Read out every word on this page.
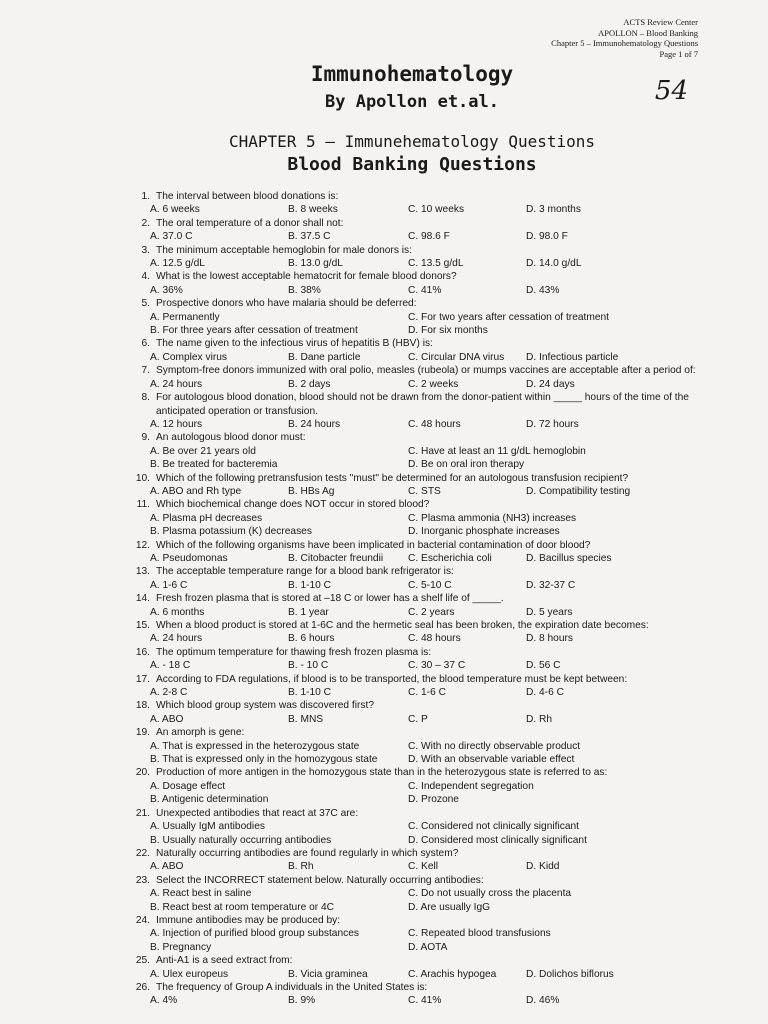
ACTS Review Center
APOLLON – Blood Banking
Chapter 5 – Immunohematology Questions
Page 1 of 7
54
Immunohematology
By Apollon et.al.
CHAPTER 5 – Immunehematology Questions
Blood Banking Questions
1. The interval between blood donations is:
A. 6 weeks	B. 8 weeks	C. 10 weeks	D. 3 months
2. The oral temperature of a donor shall not:
A. 37.0 C	B. 37.5 C	C. 98.6 F	D. 98.0 F
3. The minimum acceptable hemoglobin for male donors is:
A. 12.5 g/dL	B. 13.0 g/dL	C. 13.5 g/dL	D. 14.0 g/dL
4. What is the lowest acceptable hematocrit for female blood donors?
A. 36%	B. 38%	C. 41%	D. 43%
5. Prospective donors who have malaria should be deferred:
A. Permanently	C. For two years after cessation of treatment
B. For three years after cessation of treatment	D. For six months
6. The name given to the infectious virus of hepatitis B (HBV) is:
A. Complex virus	B. Dane particle	C. Circular DNA virus	D. Infectious particle
7. Symptom-free donors immunized with oral polio, measles (rubeola) or mumps vaccines are acceptable after a period of:
A. 24 hours	B. 2 days	C. 2 weeks	D. 24 days
8. For autologous blood donation, blood should not be drawn from the donor-patient within _____ hours of the time of the anticipated operation or transfusion.
A. 12 hours	B. 24 hours	C. 48 hours	D. 72 hours
9. An autologous blood donor must:
A. Be over 21 years old	C. Have at least an 11 g/dL hemoglobin
B. Be treated for bacteremia	D. Be on oral iron therapy
10. Which of the following pretransfusion tests "must" be determined for an autologous transfusion recipient?
A. ABO and Rh type	B. HBs Ag	C. STS	D. Compatibility testing
11. Which biochemical change does NOT occur in stored blood?
A. Plasma pH decreases	C. Plasma ammonia (NH3) increases
B. Plasma potassium (K) decreases	D. Inorganic phosphate increases
12. Which of the following organisms have been implicated in bacterial contamination of door blood?
A. Pseudomonas	B. Citobacter freundii	C. Escherichia coli	D. Bacillus species
13. The acceptable temperature range for a blood bank refrigerator is:
A. 1-6 C	B. 1-10 C	C. 5-10 C	D. 32-37 C
14. Fresh frozen plasma that is stored at –18 C or lower has a shelf life of _____.
A. 6 months	B. 1 year	C. 2 years	D. 5 years
15. When a blood product is stored at 1-6C and the hermetic seal has been broken, the expiration date becomes:
A. 24 hours	B. 6 hours	C. 48 hours	D. 8 hours
16. The optimum temperature for thawing fresh frozen plasma is:
A. - 18 C	B. - 10 C	C. 30 – 37 C	D. 56 C
17. According to FDA regulations, if blood is to be transported, the blood temperature must be kept between:
A. 2-8 C	B. 1-10 C	C. 1-6 C	D. 4-6 C
18. Which blood group system was discovered first?
A. ABO	B. MNS	C. P	D. Rh
19. An amorph is gene:
A. That is expressed in the heterozygous state	C. With no directly observable product
B. That is expressed only in the homozygous state	D. With an observable variable effect
20. Production of more antigen in the homozygous state than in the heterozygous state is referred to as:
A. Dosage effect	C. Independent segregation
B. Antigenic determination	D. Prozone
21. Unexpected antibodies that react at 37C are:
A. Usually IgM antibodies	C. Considered not clinically significant
B. Usually naturally occurring antibodies	D. Considered most clinically significant
22. Naturally occurring antibodies are found regularly in which system?
A. ABO	B. Rh	C. Kell	D. Kidd
23. Select the INCORRECT statement below. Naturally occurring antibodies:
A. React best in saline	C. Do not usually cross the placenta
B. React best at room temperature or 4C	D. Are usually IgG
24. Immune antibodies may be produced by:
A. Injection of purified blood group substances	C. Repeated blood transfusions
B. Pregnancy	D. AOTA
25. Anti-A1 is a seed extract from:
A. Ulex europeus	B. Vicia graminea	C. Arachis hypogea	D. Dolichos biflorus
26. The frequency of Group A individuals in the United States is:
A. 4%	B. 9%	C. 41%	D. 46%
